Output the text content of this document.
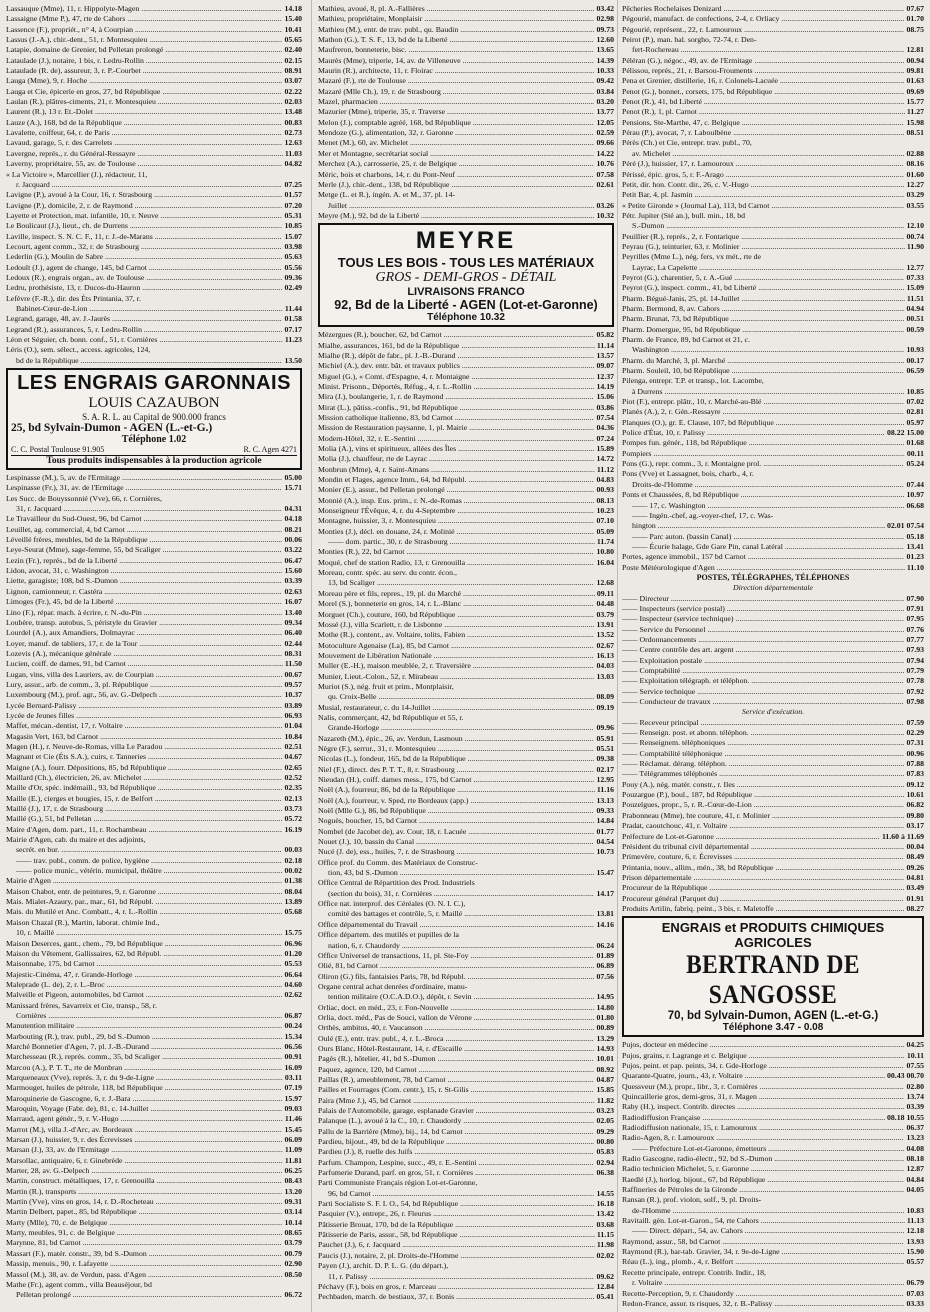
Lassauque (Mme), 11, r. Hippolyte-Magen .....	14.18
Lassaigne (Mme P.), 47, rte de Cahors .....	15.40
Lassence (F.), propriét., n° 4, à Courpian .....	10.41
Lassus (J.-A.), chir.-dent., 51, r. Montesquieu .....	05.65
Latapie, domaine de Grenier, bd Pelletan prolongé .....	02.40
Lataulade (J.), notaire, 1 bis, r. Ledru-Rollin .....	02.15
Lataulade (R. de), assureur, 3, r. P.-Courbet .....	08.91
Lauga (Mme), 9, r. Hoche .....	03.07
Lauga et Cie, épicerie en gros, 27, bd République .....	02.22
Laulan (R.), plâtres-ciments, 21, r. Montesquieu .....	02.03
Laurent (R.), 13 r. Et.-Dolet .....	13.48
Lauze (A.), 168, bd de la République .....	00.83
Lavalette, coiffeur, 64, r. de Paris .....	02.73
Lavaud, garage, 5, r. des Carrelets .....	12.63
Lavergne, représ., r. du Général-Ressayre .....	11.03
Laverny, propriétaire, 55, av. de Toulouse .....	04.82
« La Victoire », Marcellier (J.), rédacteur, 11,
r. Jacquard .....	07.25
Lavigne (P.), avoué à la Cour, 16, r. Strasbourg .....	01.57
Lavigne (P.), domicile, 2, r. de Raymond .....	07.20
Layette et Protection, mat. infantile, 10, r. Neuve .....	05.31
Le Boulicaut (J.), lieut., ch. de Durrens .....	10.85
Laville, inspect. S. N. C. F., 11, r. J.-de-Marans .....	15.07
Lecourt, agent comm., 32, r. de Strasbourg .....	03.98
Lederlin (G.), Moulin de Sabre .....	05.63
Ledoult (J.), agent de change, 145, bd Carnot .....	05.56
Ledoux (R.), engrais organ., av. de Toulouse .....	09.36
Ledru, prothésiste, 13, r. Ducos-du-Hauron .....	02.49
Lefèvre (F.-R.), dir. des Éts Printania, 37, r.
Babinet-Cœur-de-Lion .....	11.44
Legrand, garage, 48, av. J.-Jaurès .....	01.58
Legrand (R.), assurances, 5, r. Ledru-Rollin .....	07.17
Léon et Séguier, ch. bonn. conf., 51, r. Cornières .....	11.23
Léris (O.), sem. sélect., access. agricoles, 124,
bd de la République .....	13.50
LES ENGRAIS GARONNAIS
LOUIS CAZAUBON
S. A. R. L. au Capital de 900.000 francs
25, bd Sylvain-Dumon - AGEN (L.-et-G.)
Téléphone 1.02
C. C. Postal Toulouse 91.905	R. C. Agen 4271
Tous produits indispensables à la production agricole
Lespinasse (M.), 5, av. de l'Ermitage .....	05.00
Lespinasse (Fr.), 31, av. de l'Ermitage .....	15.71
Les Succ. de Bouyssonnié (Vve), 66, r. Cornières,
31, r. Jacquard .....	04.31
Le Travailleur du Sud-Ouest, 96, bd Carnot .....	04.18
Leuillet, ag. commercial, 4, bd Carnot .....	08.21
Léveillé frères, meubles, bd de la République .....	00.06
Leye-Seurat (Mme), sage-femme, 55, bd Scaliger .....	03.22
Lezin (Fr.), représ., bd de la Liberté .....	06.47
Lidon, avocat, 31, c. Washington .....	15.60
Liette, garagiste; 108, bd S.-Dumon .....	03.39
Lignon, camionneur, r. Castéra .....	02.63
Limoges (Fr.), 45, bd de la Liberté .....	16.07
Lino (F.), répar. mach. à écrire, r. N.-du-Pin .....	13.40
Loubère, transp. autobus, 5, péristyle du Gravier .....	09.34
Lourdel (A.), aux Amandiers, Dolmayrac .....	06.40
Loyer, manuf. de tabliers, 17, r. de la Tour .....	02.44
Lozevis (A.), mécanique générale .....	08.31
Lucien, coiff. de dames, 91, bd Carnot .....	11.50
Lugan, vins, villa des Lauriers, av. de Courpian .....	00.67
Lury, assur., arb. de comm., 3, pl. République .....	09.57
Luxembourg (M.), prof. agr., 56, av. G.-Delpech .....	10.37
Lycée Bernard-Palissy .....	03.89
Lycée de Jeunes filles .....	06.93
Maffet, mécan.-dentist, 17, r. Voltaire .....	01.04
Magasin Vert, 163, bd Carnot .....	10.84
Magen (H.), r. Neuve-de-Romas, villa Le Paradou .....	02.51
Magnant et Cie (Éts S.A.), cuirs, r. Tanneries .....	04.67
Maigne (A.), fourr. Dépositions, 85, bd République .....	02.65
Maillard (Ch.), électricien, 26, av. Michelet .....	02.52
Maille d'Or, spéc. indémaill., 93, bd République .....	02.35
Maille (E.), cierges et bougies, 15, r. de Belfort .....	02.13
Maillé (J.), 17, r. de Strasbourg .....	03.73
Maillé (G.), 51, bd Pelletan .....	05.72
Maire d'Agen, dom. part., 11, r. Rochambeau .....	16.19
Mairie d'Agen, cab. du maire et des adjoints,
secrét. en bur. .....	00.03
—— trav. publ., comm. de police, hygiène .....	02.18
—— police munic., vétérin. municipal, théâtre .....	00.02
Mairie d'Agen .....	01.38
Maison Chabot, entr. de peintures, 9, r. Garonne .....	08.04
Mais. Mialet-Azaury, par., mar., 61, bd Républ. .....	13.89
Mais. du Mutilé et Anc. Combatt., 4, r. L.-Rollin .....	05.68
Maison Chazal (R.), Martin, laborat. chimie Ind.,
10, r. Maillé .....	15.75
Maison Deserces, gant., chem., 79, bd République .....	06.96
Maison du Vêtement, Gallissaires, 62, bd Républ. .....	01.20
Maisonnabe, 175, bd Carnot .....	05.53
Majestic-Cinéma, 47, r. Grande-Horloge .....	06.64
Maleprade (L. de), 2, r. L.-Broc .....	04.60
Malveille et Pigeon, automobiles, bd Carnot .....	02.62
Manissard frères, Savarreix et Cie, transp., 58, r.
Cornières .....	06.87
Manutention militaire .....	00.24
Marbouting (R.), trav. publ., 29, bd S.-Dumon .....	15.34
Marché Bonnetier d'Agen, 7, pl. J.-B.-Durand .....	06.56
Marchesseau (R.), représ. comm., 35, bd Scaliger .....	00.91
Marcou (A.), P. T. T., rte de Monbran .....	16.09
Marqueneaux (Vve), représ. 3, r. du 9-de-Ligne .....	03.11
Marmouget, huiles de pétrole, 118, bd République .....	07.19
Maroquinerie de Gascogne, 6, r. J.-Bara .....	15.97
Maroquin, Voyage (Fabr. de), 81, c. 14-Juillet .....	09.03
Marraud, agent génér., 9, r. V.-Hugo .....	11.46
Marrot (M.), villa J.-d'Arc, av. Bordeaux .....	15.45
Marsan (J.), huissier, 9, r. des Écrevisses .....	06.09
Marsan (J.), 33, av. de l'Ermitage .....	11.09
Marsollac, antiquaire, 6, r. Ginebrède .....	11.81
Marter, 28, av. G.-Delpech .....	06.25
Martin, construct. métalliques, 17, r. Grenouilla .....	08.43
Martin (R.), transports .....	13.20
Martin (Vve), vins en gros, 14, r. D.-Rocheteau .....	09.31
Martin Delbert, papet., 85, bd République .....	03.14
Marty (Mlle), 70, c. de Belgique .....	10.14
Marty, meubles, 91, c. de Belgique .....	08.65
Marynne, 81, bd Carnot .....	03.79
Massart (F.), matér. constr., 39, bd S.-Dumon .....	00.79
Massip, menuis., 90, r. Lafayette .....	02.90
Massol (M.), 38, av. de Verdun, pass. d'Agen .....	08.50
Mathe (Fr.), agent comm., villa Beauséjour, bd
Pelletan prolongé .....	06.72
Mathieu, avoué, 8, pl. A.-Fallières .....	03.42
Mathieu, propriétaire, Monplaisir .....	02.98
Mathieu (M.), entr. de trav. publ., qu. Baudin .....	09.73
Mathon (G.), T. S. F., 13, bd de la Liberté .....	12.60
Maufreron, bonneterie, bisc. .....	13.65
Maurès (Mme), triperie, 14, av. de Villeneuve .....	14.39
Maurin (R.), architecte, 11, r. Floirac .....	10.33
Mazaré (F.), rte de Toulouse .....	09.42
Mazaré (Mlle Ch.), 19, r. de Strasbourg .....	03.84
Mazel, pharmacien .....	03.20
Mazurier (Mme), triperie, 35, r. Traverse .....	13.77
Melon (J.), comptable agréé, 168, bd République .....	12.05
Mendoze (G.), alimentation, 32, r. Garonne .....	02.59
Menet (M.), 60, av. Michelet .....	09.66
Mer et Montagne, secrétariat social .....	14.22
Merchez (A.), carrosserie, 25, r. de Belgique .....	10.76
Méric, bois et charbons, 14, r. du Pont-Neuf .....	07.58
Merle (J.), chir.-dent., 138, bd République .....	02.61
Metge (L. et R.), ingén. A. et M., 37, pl. 14-
Juillet .....	03.26
Meyre (M.), 92, bd de la Liberté .....	10.32
MEYRE
TOUS LES BOIS - TOUS LES MATÉRIAUX
GROS - DEMI-GROS - DÉTAIL
LIVRAISONS FRANCO
92, Bd de la Liberté - AGEN (Lot-et-Garonne)
Téléphone 10.32
Mézergues (R.), boucher, 62, bd Carnot .....	05.82
Mialhe, assurances, 161, bd de la République .....	11.14
Mialhe (R.), dépôt de fabr., pl. J.-B.-Durand .....	13.57
Michiel (A.), dev. entr. bât. et travaux publics .....	09.07
Miguel (G.), « Comt. d'Espagne, 4, r. Montaigne .....	12.37
Minist. Prisonn., Déportés, Réfug., 4, r. L.-Rollin .....	14.19
Mira (J.), boulangerie, 1, r. de Raymond .....	15.06
Mirat (L.), pâtiss.-confis., 91, bd République .....	03.86
Mission catholique italienne, 83, bd Carnot .....	07.54
Mission de Restauration paysanne, 1, pl. Mairie .....	04.36
Modern-Hôtel, 32, r. E.-Sentini .....	07.24
Molia (A.), vins et spiritueux, allées des Îles .....	15.89
Molia (J.), chauffeur, rte de Layrac .....	14.72
Monbrun (Mme), 4, r. Saint-Amans .....	11.12
Mondin et Flages, agence Imm., 64, bd Républ. .....	04.83
Monier (E.), assur., bd Pelletan prolongé .....	00.93
Monnié (A.), insp. Eus. prim., r. N.-de-Romas .....	08.13
Monseigneur l'Évêque, 4, r. du 4-Septembre .....	10.23
Montagne, huissier, 3, r. Montesquieu .....	07.10
Monties (J.), décl. en douane, 24, r. Molinié .....	05.09
—— dom. partic., 30, r. de Strasbourg .....	11.74
Monties (R.), 22, bd Carnot .....	10.80
Moqué, chef de station Radio, 13, r. Grenouilla .....	16.04
Moreau, contr. spéc. au serv. du contr. écon.,
13, bd Scaliger .....	12.68
Moreau père et fils, repres., 19, pl. du Marché .....	09.11
Morel (S.), bonneterie en gros, 14, r. L.-Blanc .....	04.48
Morguet (Ch.), couture, 160, bd République .....	03.79
Mossé (J.), villa Scarlett, r. de Lisbonne .....	13.91
Mothe (R.), content., av. Voltaire, tolits, Fabien .....	13.52
Motoculture Agenaise (La), 85, bd Carnot .....	02.67
Mouvement de Libération Nationale .....	16.13
Muller (E.-H.), maison meublée, 2, r. Traversière .....	04.03
Munier, Lieut.-Colon., 52, r. Mirabeau .....	13.03
Muriot (S.), nég. fruit et prim., Montplaisir,
qu. Croix-Belle .....	08.09
Musial, restaurateur, c. du 14-Juillet .....	09.19
Nalis, commerçant, 42, bd République et 55, r.
Grande-Horloge .....	09.96
Nazareth (M.), épic., 26, av. Verdun, Lasmoun .....	05.91
Nègre (F.), serrur., 31, r. Montesquieu .....	05.51
Nicolas (L.), fondeur, 165, bd de la République .....	09.38
Niel (F.), direct. des P. T. T., 8, r. Strasbourg .....	02.17
Nieudan (H.), coiff. dames mess., 175, bd Carnot .....	12.95
Noël (A.), fourreur, 86, bd de la République .....	11.16
Noël (A.), fourreur, v. Sped, rte Bordeaux (app.) .....	13.13
Noël (Mlle G.), 86, bd République .....	09.33
Noguès, boucher, 15, bd Carnot .....	14.84
Nombel (de Jacobet de), av. Cour, 18, r. Lacuée .....	01.77
Nouet (J.), 10, bassin du Canal .....	04.54
Nucé (J. de), ess., huiles, 7, r. de Strasbourg .....	10.73
Office prof. du Comm. des Matériaux de Construc-
tion, 43, bd S.-Dumon .....	15.47
Office Central de Répartition des Prod. Industriels
(section du bois), 31, r. Cornières .....	14.17
Office nat. interprof. des Céréales (O. N. I. C.),
comité des battages et contrôle, 5, r. Maillé .....	13.81
Office départemental du Travail .....	14.16
Office départem. des mutilés et pupilles de la
nation, 6, r. Chaudordy .....	06.24
Office Universel de transactions, 11, pl. Ste-Foy .....	01.89
Olié, 81, bd Carnot .....	06.89
Oliron (G.) fils, fantaisies Paris, 78, bd Républ. .....	07.56
Organe central achat denrées d'ordinaire, manu-
tention militaire (O.C.A.D.O.), dépôt, r. Sevin .....	14.95
Orliac, doct. en méd., 23, r. Fon-Nouvelle .....	14.80
Orlia, doct. méd., Pas de Souci, vallon de Vérone .....	01.80
Orthès, ambitus, 40, r. Vaucanson .....	00.89
Oulé (E.), entr. trav. publ., 4, r. L.-Broca .....	13.29
Ours Blanc, Hôtel-Restaurant, 14, r. d'Escaille .....	14.93
Pagès (R.), hôtelier, 41, bd S.-Dumon .....	10.01
Paquez, agence, 120, bd Carnot .....	08.92
Paillas (R.), ameublement, 78, bd Carnot .....	04.87
Pailles et Fourrages (Com. centr.), 15, r. St-Gilis .....	15.85
Paira (Mme J.), 45, bd Carnot .....	11.82
Palais de l'Automobile, garage, esplanade Gravier .....	03.23
Palanque (L.), avoué à la C., 10, r. Chaudordy .....	02.05
Pallu de la Barrière (Mme), bij., 14, bd Carnot .....	09.29
Pardieu, bijout., 49, bd de la République .....	00.80
Pardieu (J.), 8, ruelle des Juifs .....	05.83
Parfum. Champon, Lespine, succ., 49, r. E.-Sentini .....	02.94
Parfumerie Durand, parf. en gros, 51, r. Cornières .....	06.38
Parti Communiste Français région Lot-et-Garonne,
96, bd Carnot .....	14.55
Parti Socialiste S. F. I. O., 54, bd République .....	16.18
Pasquier (V.), entrepr., 26, r. Fleurus .....	13.42
Pâtisserie Brouat, 170, bd de la République .....	03.68
Pâtisserie de Paris, assur., 58, bd République .....	11.15
Pauchet (J.), 6, r. Jacquard .....	11.98
Paucis (J.), notaire, 2, pl. Droits-de-l'Homme .....	02.02
Payen (J.), archit. D. P. L. G. (du départ.),
11, r. Palissy .....	09.62
Péchavy (F.), bois en gros, r. Marceau .....	12.84
Pechbaden, march. de bestiaux, 37, r. Bonis .....	05.41
Pêcheries Rochelaises Denizard .....	07.67
Pégourié, manufact. de confections, 2-4, r. Orliacy .....	01.70
Pégourié, représent., 22, r. Lamouroux .....	08.75
Peirot (P.), man. bal. sorgho, 72-74, r. Den-
fert-Rochereau .....	12.81
Péléran (G.), négoc., 49, av. de l'Ermitage .....	00.94
Pélissou, représ., 21, r. Barsou-Frouments .....	09.81
Pena et Grenier, distillerie, 16, r. Colonels-Lacuée .....	01.63
Penot (G.), bonnet., corsets, 175, bd République .....	09.69
Penot (R.), 41, bd Liberté .....	15.77
Penot (R.), 1, pl. Carnot .....	11.27
Pensions, Ste-Marthe, 47, c. Belgique .....	15.98
Pérau (P.), avocat, 7, r. Laboulbène .....	08.51
Pérès (Ch.) et Cie, entrepr. trav. publ., 70,
av. Michelet .....	02.88
Péré (J.), huissier, 17, r. Lamouroux .....	08.16
Périssé, épic. gros, 5, r. F.-Arago .....	01.60
Petit, dir. hon. Contr. dir., 26, c. V.-Hugo .....	12.27
Petit Bar, 4, pl. Jasmin .....	03.29
« Petite Gironde » (Journal La), 113, bd Carnot .....	03.55
Pétr. Jupiter (Sté an.), bull. min., 18, bd
S.-Dumon .....	12.10
Peuillier (R.), représ., 2, r. Fontarique .....	00.74
Peyrau (G.), teinturier, 63, r. Molinier .....	11.90
Peyrilles (Mme L.), nég. fers, vx mét., rte de
Layrac, La Capelette .....	12.77
Peyrot (G.), charentier, 5, r. A.-Gué .....	07.33
Peyrot (G.), inspect. comm., 41, bd Liberté .....	15.09
Pharm. Bégué-Janis, 25, pl. 14-Juillet .....	11.51
Pharm. Bermond, 8, av. Cahors .....	04.94
Pharm. Brunat, 73, bd République .....	00.51
Pharm. Domergue, 95, bd République .....	00.59
Pharm. de France, 89, bd Carnot et 21, c.
Washington .....	10.93
Pharm. du Marché, 3, pl. Marché .....	00.17
Pharm. Souleil, 10, bd République .....	06.59
Pilenga, entrepr. T.P. et transp., lot. Lacombe,
à Durrens .....	10.85
Piot (F.), entrepr. plâtr., 10, r. Marché-au-Blé .....	07.02
Planès (A.), 2, r. Gén.-Ressayre .....	02.81
Planques (O.), gr. E. Clause, 107, bd République .....	05.97
Police d'État, 10, r. Palissy .....	08.22 15.00
Pompes fun. génér., 118, bd République .....	01.68
Pompiers .....	00.11
Pons (G.), repr. comm., 3, r. Montaigne prol. .....	05.24
Pons (Vve) et Lassagnet, bois, charb., 4, r.
Droits-de-l'Homme .....	07.44
Ponts et Chaussées, 8, bd République .....	10.97
—— 17, c. Washington .....	06.68
—— Ingén.-chef, ag.-voyer-chef, 17, c. Was-
hington .....	02.01 07.54
—— Parc auton. (bassin Canal) .....	05.18
—— Écurie halage, Gde Gare Pin, canal Latéral .....	13.41
Portes, agence immobil., 157 bd Carnot .....	01.23
Poste Météorologique d'Agen .....	11.10
POSTES, TÉLÉGRAPHES, TÉLÉPHONES
Direction départementale
—— Directeur .....	07.90
—— Inspecteurs (service postal) .....	07.91
—— Inspecteur (service technique) .....	07.95
—— Service du Personnel .....	07.76
—— Ordonnancements .....	07.77
—— Centre contrôle des art. argent .....	07.93
—— Exploitation postale .....	07.94
—— Comptabilité .....	07.79
—— Exploitation télégraph. et téléphon. .....	07.78
—— Service technique .....	07.92
—— Conducteur de travaux .....	07.98
Service d'exécution.
—— Receveur principal .....	07.59
—— Renseign. post. et abonn. téléphon. .....	02.29
—— Renseignem. téléphoniques .....	07.31
—— Comptabilité téléphonique .....	00.96
—— Réclamat. dérang. téléphon. .....	07.88
—— Télégrammes téléphonés .....	07.83
Pouy (A.), nég. matér. constr., r. Iles .....	09.12
Pouzargue (P.), boul., 187, bd République .....	10.61
Pouzelgues, propr., 5, r. R.-Cœur-de-Lion .....	06.82
Prabonneau (Mme), hte couture, 41, r. Molinier .....	09.80
Pradat, caoutchouc, 41, r. Voltaire .....	03.17
Préfecture de Lot-et-Garonne .....	11.60 à 11.69
Président du tribunal civil départemental .....	00.04
Primevère, couture, 6, r. Écrevisses .....	08.49
Printania, nouv., allim., mén., 38, bd République .....	09.26
Prison départementale .....	04.81
Procureur de la République .....	03.49
Procureur général (Parquet du) .....	01.91
Produits Artilin, fabriq. peint., 3 bis, r. Maletoffe .....	08.27
ENGRAIS et PRODUITS CHIMIQUES
AGRICOLES
BERTRAND DE SANGOSSE
70, bd Sylvain-Dumon, AGEN (L.-et-G.)
Téléphone 3.47 - 0.08
Pujos, docteur en médecine .....	04.25
Pujos, grains, r. Lagrange et c. Belgique .....	10.11
Pujos, peint. et pap. peints, 34, r. Gde-Horloge .....	07.55
Quarante-Quatre, journ., 43, r. Voltaire .....	00.43 00.70
Quessveur (M.), propr., libr., 3, r. Cornières .....	02.80
Quincaillerie gros, demi-gros, 31, r. Magen .....	13.74
Raby (H.), inspect. Contrib. directes .....	03.39
Radiodiffusion Française .....	08.18 10.55
Radiodiffusion nationale, 15, r. Lamouroux .....	06.37
Radio-Agen, 8, r. Lamouroux .....	13.23
—— Préfecture Lot-et-Garonne, émetteurs .....	04.08
Radio Gascogne, radio-électr., 92, bd S.-Dumon .....	08.18
Radio technicien Michelet, 5, r. Garonne .....	12.87
Raedlé (J.), horlog. bijout., 67, bd République .....	04.84
Raffineries de Pétroles de la Gironde .....	04.05
Ransan (R.), prof. violon, solf., 9, pl. Droits-
de-l'Homme .....	10.83
Ravitaill. gén. Lot-et-Garon., 54, rte Cahors .....	11.13
—— Direct. départ., 54, av. Cahors .....	12.18
Raymond, assur., 58, bd Carnot .....	13.93
Raymond (R.), bar-tab. Gravier, 34, r. 9e-de-Ligne .....	15.90
Réau (L.), ing., plomb., 4, r. Belfort .....	05.57
Recette principale, entrepr. Contrib. Indir., 18,
r. Voltaire .....	06.79
Recette-Perception, 9, r. Chaudordy .....	07.03
Redon-France, assur. ts risques, 32, r. B.-Palissy .....	03.33
